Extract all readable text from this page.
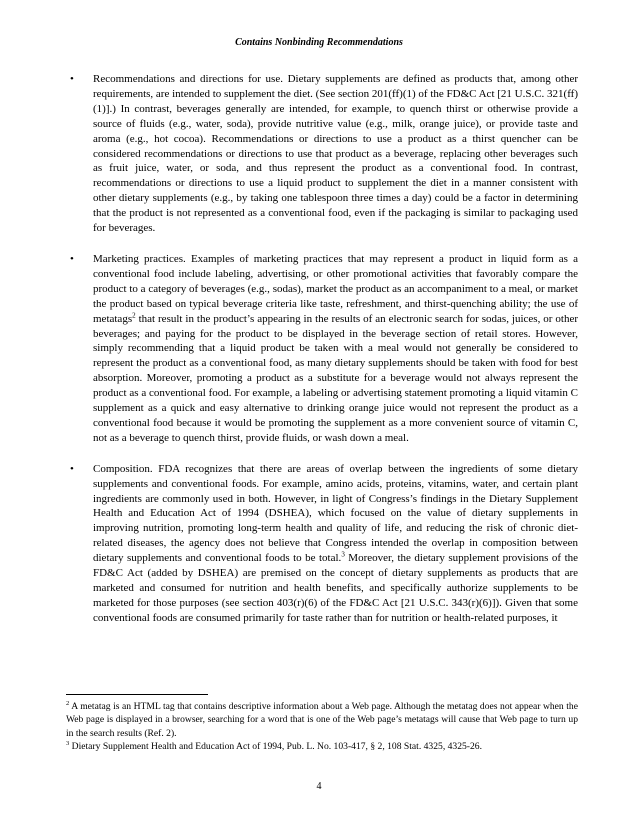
Contains Nonbinding Recommendations
• Recommendations and directions for use. Dietary supplements are defined as products that, among other requirements, are intended to supplement the diet. (See section 201(ff)(1) of the FD&C Act [21 U.S.C. 321(ff)(1)].) In contrast, beverages generally are intended, for example, to quench thirst or otherwise provide a source of fluids (e.g., water, soda), provide nutritive value (e.g., milk, orange juice), or provide taste and aroma (e.g., hot cocoa). Recommendations or directions to use a product as a thirst quencher can be considered recommendations or directions to use that product as a beverage, replacing other beverages such as fruit juice, water, or soda, and thus represent the product as a conventional food. In contrast, recommendations or directions to use a liquid product to supplement the diet in a manner consistent with other dietary supplements (e.g., by taking one tablespoon three times a day) could be a factor in determining that the product is not represented as a conventional food, even if the packaging is similar to packaging used for beverages.
• Marketing practices. Examples of marketing practices that may represent a product in liquid form as a conventional food include labeling, advertising, or other promotional activities that favorably compare the product to a category of beverages (e.g., sodas), market the product as an accompaniment to a meal, or market the product based on typical beverage criteria like taste, refreshment, and thirst-quenching ability; the use of metatags$^2$ that result in the product’s appearing in the results of an electronic search for sodas, juices, or other beverages; and paying for the product to be displayed in the beverage section of retail stores. However, simply recommending that a liquid product be taken with a meal would not generally be considered to represent the product as a conventional food, as many dietary supplements should be taken with food for best absorption. Moreover, promoting a product as a substitute for a beverage would not always represent the product as a conventional food. For example, a labeling or advertising statement promoting a liquid vitamin C supplement as a quick and easy alternative to drinking orange juice would not represent the product as a conventional food because it would be promoting the supplement as a more convenient source of vitamin C, not as a beverage to quench thirst, provide fluids, or wash down a meal.
• Composition. FDA recognizes that there are areas of overlap between the ingredients of some dietary supplements and conventional foods. For example, amino acids, proteins, vitamins, water, and certain plant ingredients are commonly used in both. However, in light of Congress’s findings in the Dietary Supplement Health and Education Act of 1994 (DSHEA), which focused on the value of dietary supplements in improving nutrition, promoting long-term health and quality of life, and reducing the risk of chronic diet-related diseases, the agency does not believe that Congress intended the overlap in composition between dietary supplements and conventional foods to be total.$^3$ Moreover, the dietary supplement provisions of the FD&C Act (added by DSHEA) are premised on the concept of dietary supplements as products that are marketed and consumed for nutrition and health benefits, and specifically authorize supplements to be marketed for those purposes (see section 403(r)(6) of the FD&C Act [21 U.S.C. 343(r)(6)]). Given that some conventional foods are consumed primarily for taste rather than for nutrition or health-related purposes, it
$^2$ A metatag is an HTML tag that contains descriptive information about a Web page. Although the metatag does not appear when the Web page is displayed in a browser, searching for a word that is one of the Web page’s metatags will cause that Web page to turn up in the search results (Ref. 2).
$^3$ Dietary Supplement Health and Education Act of 1994, Pub. L. No. 103-417, § 2, 108 Stat. 4325, 4325-26.
4
